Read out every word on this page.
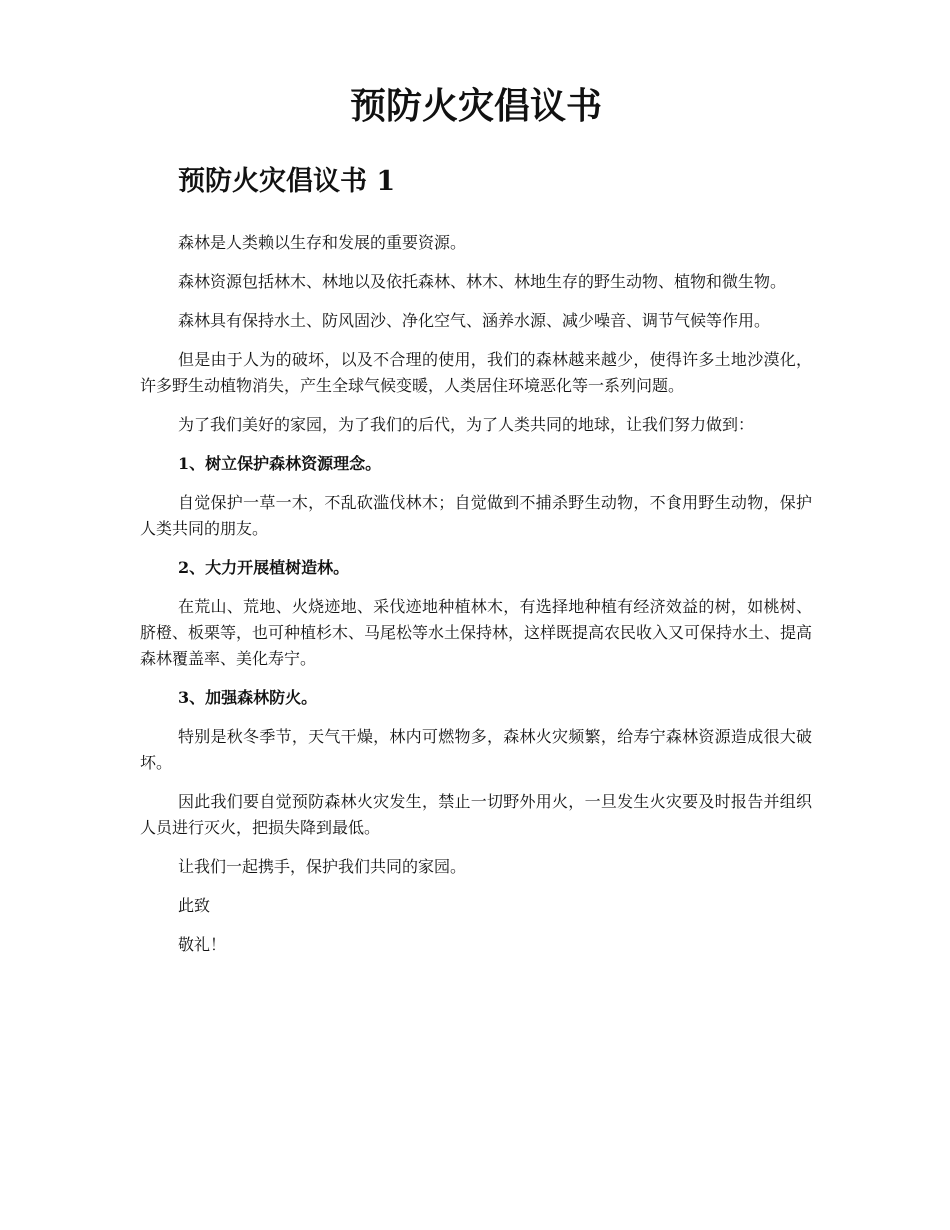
预防火灾倡议书
预防火灾倡议书 1

森林是人类赖以生存和发展的重要资源。

森林资源包括林木、林地以及依托森林、林木、林地生存的野生动物、植物和微生物。

森林具有保持水土、防风固沙、净化空气、涵养水源、减少噪音、调节气候等作用。

但是由于人为的破坏，以及不合理的使用，我们的森林越来越少，使得许多土地沙漠化，许多野生动植物消失，产生全球气候变暖，人类居住环境恶化等一系列问题。

为了我们美好的家园，为了我们的后代，为了人类共同的地球，让我们努力做到：

1、树立保护森林资源理念。

自觉保护一草一木，不乱砍滥伐林木；自觉做到不捕杀野生动物，不食用野生动物，保护人类共同的朋友。

2、大力开展植树造林。

在荒山、荒地、火烧迹地、采伐迹地种植林木，有选择地种植有经济效益的树，如桃树、脐橙、板栗等，也可种植杉木、马尾松等水土保持林，这样既提高农民收入又可保持水土、提高森林覆盖率、美化寿宁。

3、加强森林防火。

特别是秋冬季节，天气干燥，林内可燃物多，森林火灾频繁，给寿宁森林资源造成很大破坏。

因此我们要自觉预防森林火灾发生，禁止一切野外用火，一旦发生火灾要及时报告并组织人员进行灭火，把损失降到最低。

让我们一起携手，保护我们共同的家园。

此致

敬礼！
